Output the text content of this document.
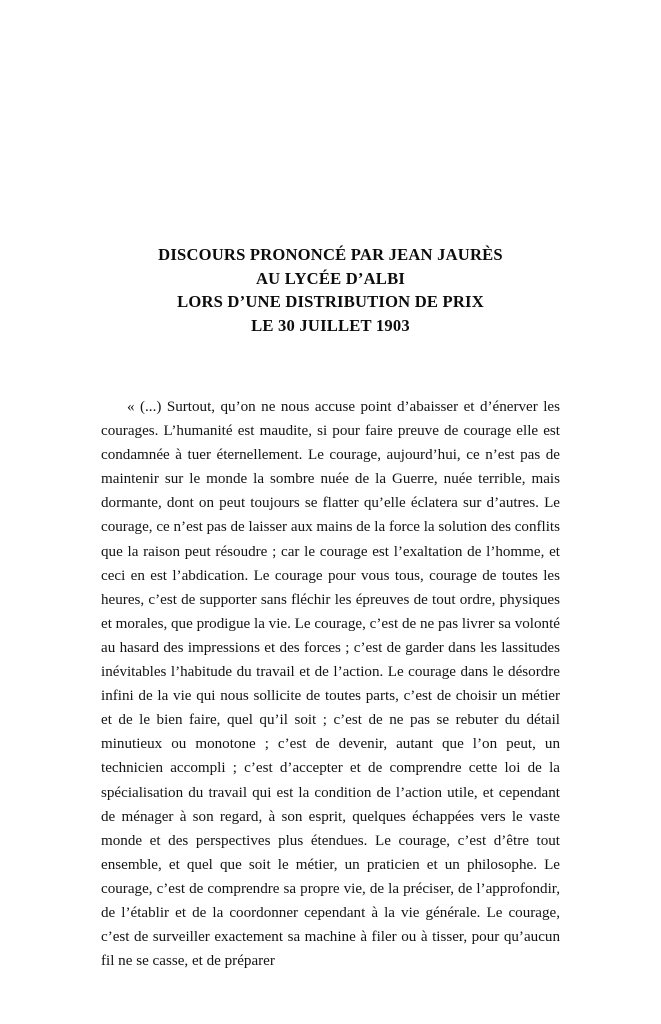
DISCOURS PRONONCÉ PAR JEAN JAURÈS
AU LYCÉE D’ALBI
LORS D’UNE DISTRIBUTION DE PRIX
LE 30 JUILLET 1903

« (...) Surtout, qu’on ne nous accuse point d’abaisser et d’énerver les courages. L’humanité est maudite, si pour faire preuve de courage elle est condamnée à tuer éternellement. Le courage, aujourd’hui, ce n’est pas de maintenir sur le monde la sombre nuée de la Guerre, nuée terrible, mais dormante, dont on peut toujours se flatter qu’elle éclatera sur d’autres. Le courage, ce n’est pas de laisser aux mains de la force la solution des conflits que la raison peut résoudre ; car le courage est l’exaltation de l’homme, et ceci en est l’abdication. Le courage pour vous tous, courage de toutes les heures, c’est de supporter sans fléchir les épreuves de tout ordre, physiques et morales, que prodigue la vie. Le courage, c’est de ne pas livrer sa volonté au hasard des impressions et des forces ; c’est de garder dans les lassitudes inévitables l’habitude du travail et de l’action. Le courage dans le désordre infini de la vie qui nous sollicite de toutes parts, c’est de choisir un métier et de le bien faire, quel qu’il soit ; c’est de ne pas se rebuter du détail minutieux ou monotone ; c’est de devenir, autant que l’on peut, un technicien accompli ; c’est d’accepter et de comprendre cette loi de la spécialisation du travail qui est la condition de l’action utile, et cependant de ménager à son regard, à son esprit, quelques échappées vers le vaste monde et des perspectives plus étendues. Le courage, c’est d’être tout ensemble, et quel que soit le métier, un praticien et un philosophe. Le courage, c’est de comprendre sa propre vie, de la préciser, de l’approfondir, de l’établir et de la coordonner cependant à la vie générale. Le courage, c’est de surveiller exactement sa machine à filer ou à tisser, pour qu’aucun fil ne se casse, et de préparer
